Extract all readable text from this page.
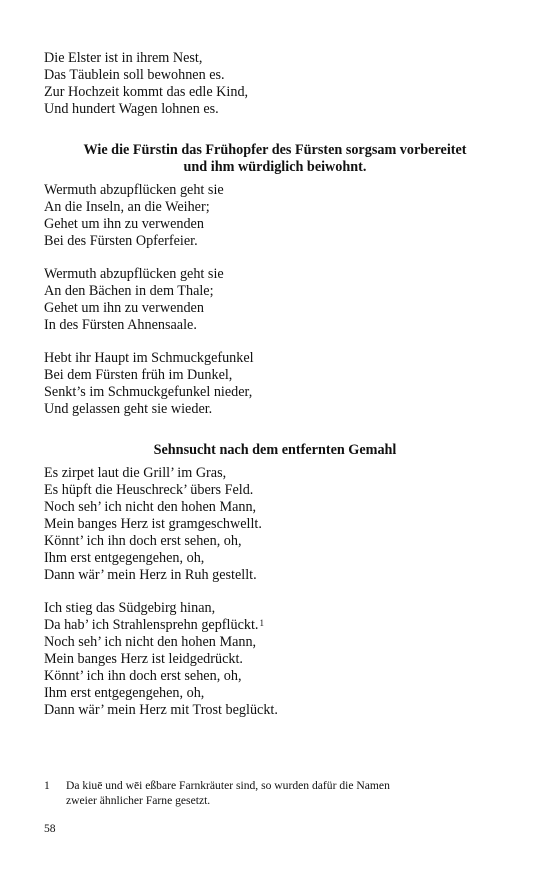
Die Elster ist in ihrem Nest,
Das Täublein soll bewohnen es.
Zur Hochzeit kommt das edle Kind,
Und hundert Wagen lohnen es.
Wie die Fürstin das Frühopfer des Fürsten sorgsam vorbereitet
und ihm würdiglich beiwohnt.
Wermuth abzupflücken geht sie
An die Inseln, an die Weiher;
Gehet um ihn zu verwenden
Bei des Fürsten Opferfeier.
Wermuth abzupflücken geht sie
An den Bächen in dem Thale;
Gehet um ihn zu verwenden
In des Fürsten Ahnensaale.
Hebt ihr Haupt im Schmuckgefunkel
Bei dem Fürsten früh im Dunkel,
Senkt’s im Schmuckgefunkel nieder,
Und gelassen geht sie wieder.
Sehnsucht nach dem entfernten Gemahl
Es zirpet laut die Grill’ im Gras,
Es hüpft die Heuschreck’ übers Feld.
Noch seh’ ich nicht den hohen Mann,
Mein banges Herz ist gramgeschwellt.
Könnt’ ich ihn doch erst sehen, oh,
Ihm erst entgegengehen, oh,
Dann wär’ mein Herz in Ruh gestellt.
Ich stieg das Südgebirg hinan,
Da hab’ ich Strahlensprehn gepflückt.$^1$
Noch seh’ ich nicht den hohen Mann,
Mein banges Herz ist leidgedrückt.
Könnt’ ich ihn doch erst sehen, oh,
Ihm erst entgegengehen, oh,
Dann wär’ mein Herz mit Trost beglückt.
1 Da kiuē und wēi eßbare Farnkräuter sind, so wurden dafür die Namen
zweier ähnlicher Farne gesetzt.
58
